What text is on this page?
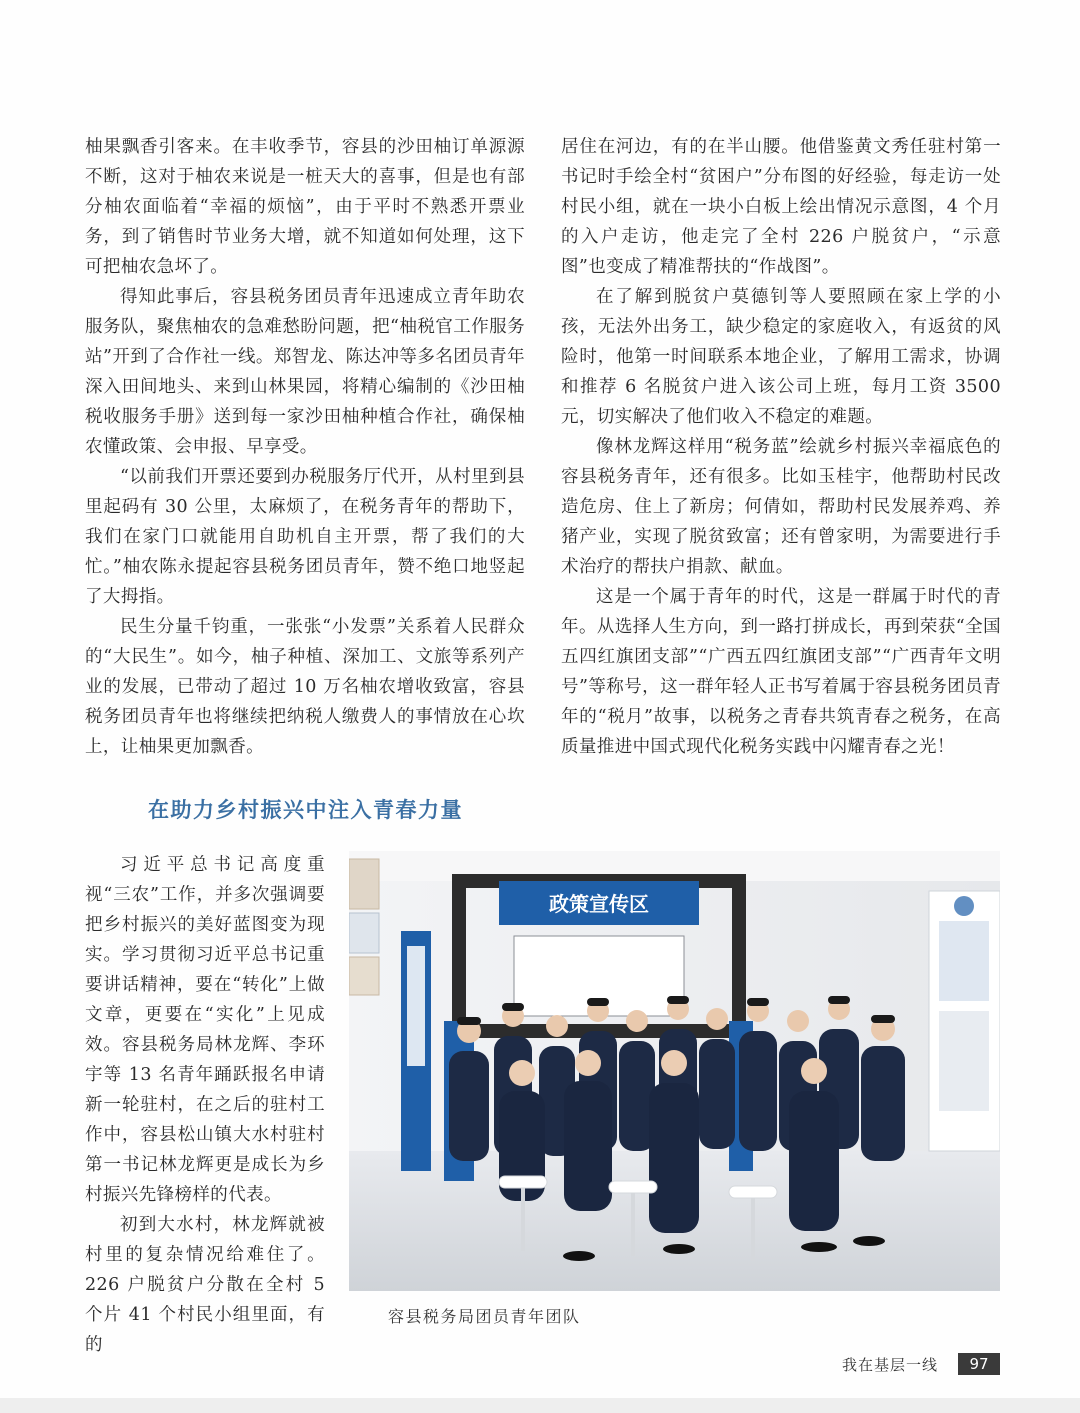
柚果飘香引客来。在丰收季节，容县的沙田柚订单源源不断，这对于柚农来说是一桩天大的喜事，但是也有部分柚农面临着“幸福的烦恼”，由于平时不熟悉开票业务，到了销售时节业务大增，就不知道如何处理，这下可把柚农急坏了。

得知此事后，容县税务团员青年迅速成立青年助农服务队，聚焦柚农的急难愁盼问题，把“柚税官工作服务站”开到了合作社一线。郑智龙、陈达冲等多名团员青年深入田间地头、来到山林果园，将精心编制的《沙田柚税收服务手册》送到每一家沙田柚种植合作社，确保柚农懂政策、会申报、早享受。

“以前我们开票还要到办税服务厅代开，从村里到县里起码有 30 公里，太麻烦了，在税务青年的帮助下，我们在家门口就能用自助机自主开票，帮了我们的大忙。”柚农陈永提起容县税务团员青年，赞不绝口地竖起了大拇指。

民生分量千钧重，一张张“小发票”关系着人民群众的“大民生”。如今，柚子种植、深加工、文旅等系列产业的发展，已带动了超过 10 万名柚农增收致富，容县税务团员青年也将继续把纳税人缴费人的事情放在心坎上，让柚果更加飘香。

居住在河边，有的在半山腰。他借鉴黄文秀任驻村第一书记时手绘全村“贫困户”分布图的好经验，每走访一处村民小组，就在一块小白板上绘出情况示意图，4 个月的入户走访，他走完了全村 226 户脱贫户，“示意图”也变成了精准帮扶的“作战图”。

在了解到脱贫户莫德钊等人要照顾在家上学的小孩，无法外出务工，缺少稳定的家庭收入，有返贫的风险时，他第一时间联系本地企业，了解用工需求，协调和推荐 6 名脱贫户进入该公司上班，每月工资 3500 元，切实解决了他们收入不稳定的难题。

像林龙辉这样用“税务蓝”绘就乡村振兴幸福底色的容县税务青年，还有很多。比如玉桂宇，他帮助村民改造危房、住上了新房；何倩如，帮助村民发展养鸡、养猪产业，实现了脱贫致富；还有曾家明，为需要进行手术治疗的帮扶户捐款、献血。

这是一个属于青年的时代，这是一群属于时代的青年。从选择人生方向，到一路打拼成长，再到荣获“全国五四红旗团支部”“广西五四红旗团支部”“广西青年文明号”等称号，这一群年轻人正书写着属于容县税务团员青年的“税月”故事，以税务之青春共筑青春之税务，在高质量推进中国式现代化税务实践中闪耀青春之光！

在助力乡村振兴中注入青春力量

习近平总书记高度重视“三农”工作，并多次强调要把乡村振兴的美好蓝图变为现实。学习贯彻习近平总书记重要讲话精神，要在“转化”上做文章，更要在“实化”上见成效。容县税务局林龙辉、李环宇等 13 名青年踊跃报名申请新一轮驻村，在之后的驻村工作中，容县松山镇大水村驻村第一书记林龙辉更是成长为乡村振兴先锋榜样的代表。

初到大水村，林龙辉就被村里的复杂情况给难住了。226 户脱贫户分散在全村 5 个片 41 个村民小组里面，有的

政策宣传区
容县税务局团员青年团队
我在基层一线	97
